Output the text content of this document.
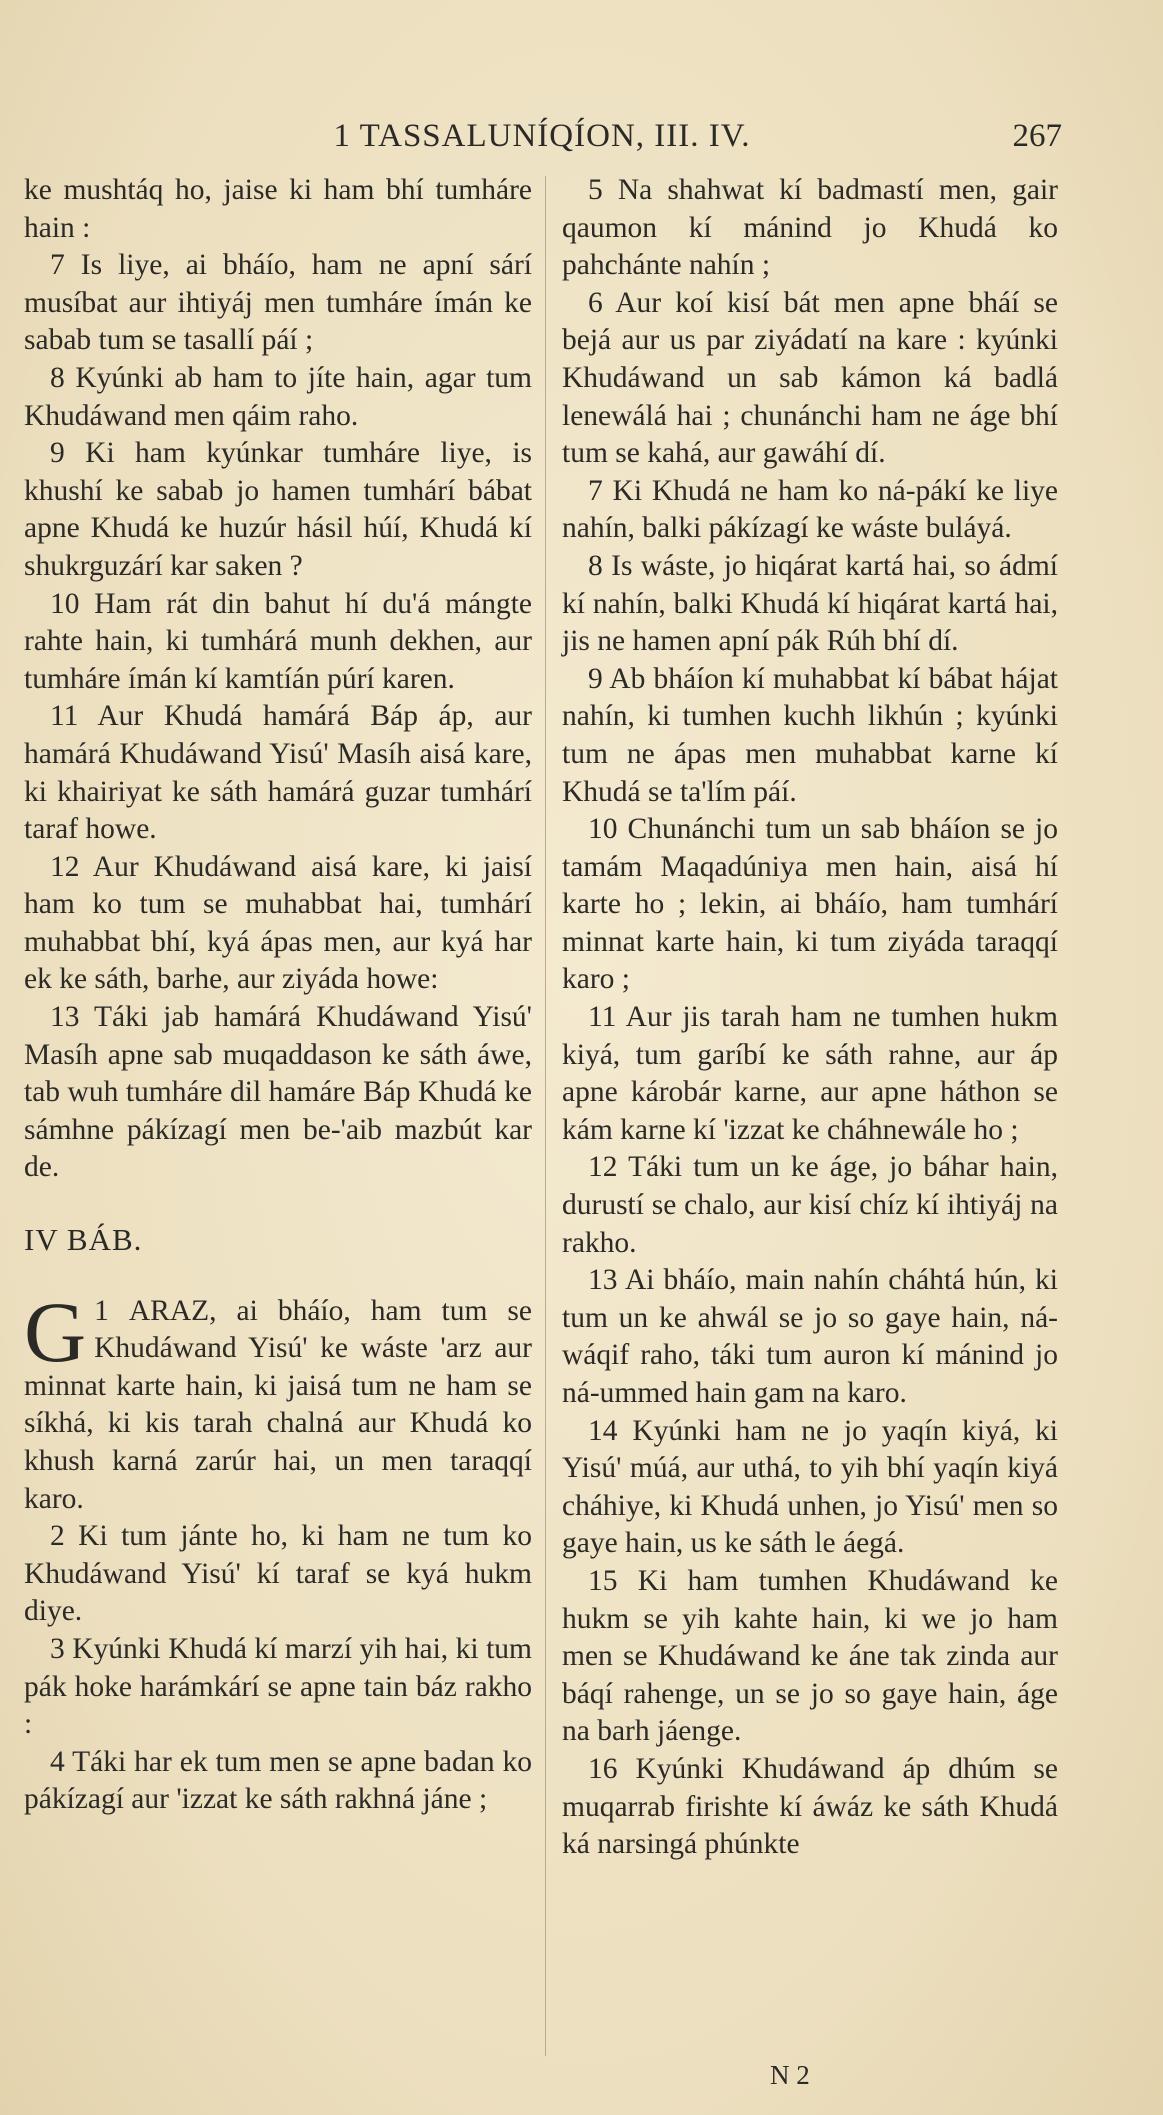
1 TASSALUNÍQÍON, III. IV.	267

ke mushtáq ho, jaise ki ham bhí tumháre hain :

7 Is liye, ai bháío, ham ne apní sárí musíbat aur ihtiyáj men tumháre ímán ke sabab tum se tasallí páí ;

8 Kyúnki ab ham to jíte hain, agar tum Khudáwand men qáim raho.

9 Ki ham kyúnkar tumháre liye, is khushí ke sabab jo hamen tumhárí bábat apne Khudá ke huzúr hásil húí, Khudá kí shukrguzárí kar saken ?

10 Ham rát din bahut hí du'á mángte rahte hain, ki tumhárá munh dekhen, aur tumháre ímán kí kamtíán púrí karen.

11 Aur Khudá hamárá Báp áp, aur hamárá Khudáwand Yisú' Masíh aisá kare, ki khairiyat ke sáth hamárá guzar tumhárí taraf howe.

12 Aur Khudáwand aisá kare, ki jaisí ham ko tum se muhabbat hai, tumhárí muhabbat bhí, kyá ápas men, aur kyá har ek ke sáth, barhe, aur ziyáda howe:

13 Táki jab hamárá Khudáwand Yisú' Masíh apne sab muqaddason ke sáth áwe, tab wuh tumháre dil hamáre Báp Khudá ke sámhne pákízagí men be-'aib mazbút kar de.

IV BÁB.

1
G ARAZ, ai bháío, ham tum se Khudáwand Yisú' ke wáste 'arz aur minnat karte hain, ki jaisá tum ne ham se síkhá, ki kis tarah chalná aur Khudá ko khush karná zarúr hai, un men taraqqí karo.

2 Ki tum jánte ho, ki ham ne tum ko Khudáwand Yisú' kí taraf se kyá hukm diye.

3 Kyúnki Khudá kí marzí yih hai, ki tum pák hoke harámkárí se apne tain báz rakho :

4 Táki har ek tum men se apne badan ko pákízagí aur 'izzat ke sáth rakhná jáne ;

5 Na shahwat kí badmastí men, gair qaumon kí mánind jo Khudá ko pahchánte nahín ;

6 Aur koí kisí bát men apne bháí se bejá aur us par ziyádatí na kare : kyúnki Khudáwand un sab kámon ká badlá lenewálá hai ; chunánchi ham ne áge bhí tum se kahá, aur gawáhí dí.

7 Ki Khudá ne ham ko ná-pákí ke liye nahín, balki pákízagí ke wáste buláyá.

8 Is wáste, jo hiqárat kartá hai, so ádmí kí nahín, balki Khudá kí hiqárat kartá hai, jis ne hamen apní pák Rúh bhí dí.

9 Ab bháíon kí muhabbat kí bábat hájat nahín, ki tumhen kuchh likhún ; kyúnki tum ne ápas men muhabbat karne kí Khudá se ta'lím páí.

10 Chunánchi tum un sab bháíon se jo tamám Maqadúniya men hain, aisá hí karte ho ; lekin, ai bháío, ham tumhárí minnat karte hain, ki tum ziyáda taraqqí karo ;

11 Aur jis tarah ham ne tumhen hukm kiyá, tum garíbí ke sáth rahne, aur áp apne károbár karne, aur apne háthon se kám karne kí 'izzat ke cháhnewále ho ;

12 Táki tum un ke áge, jo báhar hain, durustí se chalo, aur kisí chíz kí ihtiyáj na rakho.

13 Ai bháío, main nahín cháhtá hún, ki tum un ke ahwál se jo so gaye hain, ná-wáqif raho, táki tum auron kí mánind jo ná-ummed hain gam na karo.

14 Kyúnki ham ne jo yaqín kiyá, ki Yisú' múá, aur uthá, to yih bhí yaqín kiyá cháhiye, ki Khudá unhen, jo Yisú' men so gaye hain, us ke sáth le áegá.

15 Ki ham tumhen Khudáwand ke hukm se yih kahte hain, ki we jo ham men se Khudáwand ke áne tak zinda aur báqí rahenge, un se jo so gaye hain, áge na barh jáenge.

16 Kyúnki Khudáwand áp dhúm se muqarrab firishte kí áwáz ke sáth Khudá ká narsingá phúnkte

N 2
